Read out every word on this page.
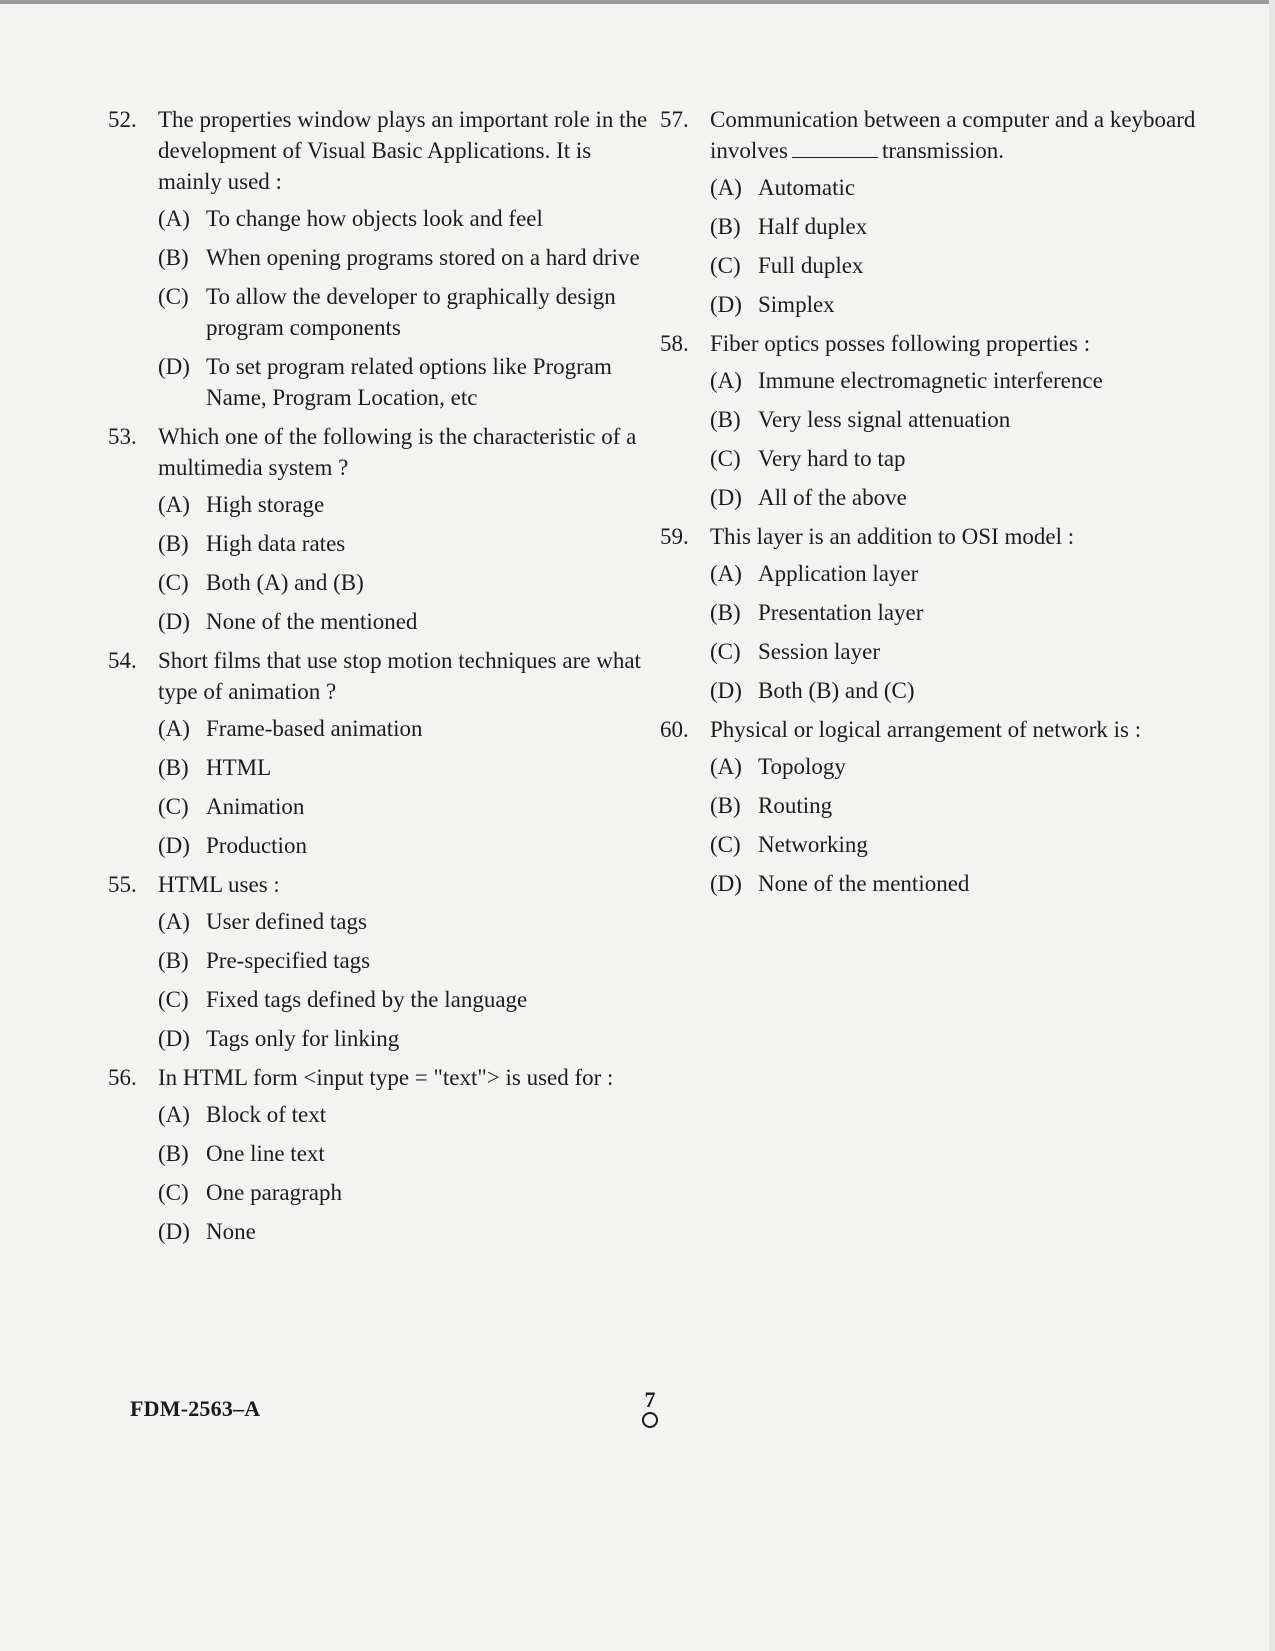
52. The properties window plays an important role in the development of Visual Basic Applications. It is mainly used :
(A) To change how objects look and feel
(B) When opening programs stored on a hard drive
(C) To allow the developer to graphically design program components
(D) To set program related options like Program Name, Program Location, etc
53. Which one of the following is the characteristic of a multimedia system ?
(A) High storage
(B) High data rates
(C) Both (A) and (B)
(D) None of the mentioned
54. Short films that use stop motion techniques are what type of animation ?
(A) Frame-based animation
(B) HTML
(C) Animation
(D) Production
55. HTML uses :
(A) User defined tags
(B) Pre-specified tags
(C) Fixed tags defined by the language
(D) Tags only for linking
56. In HTML form <input type = "text"> is used for :
(A) Block of text
(B) One line text
(C) One paragraph
(D) None
57. Communication between a computer and a keyboard involves	transmission.
(A) Automatic
(B) Half duplex
(C) Full duplex
(D) Simplex
58. Fiber optics posses following properties :
(A) Immune electromagnetic interference
(B) Very less signal attenuation
(C) Very hard to tap
(D) All of the above
59. This layer is an addition to OSI model :
(A) Application layer
(B) Presentation layer
(C) Session layer
(D) Both (B) and (C)
60. Physical or logical arrangement of network is :
(A) Topology
(B) Routing
(C) Networking
(D) None of the mentioned
FDM-2563–A	7
